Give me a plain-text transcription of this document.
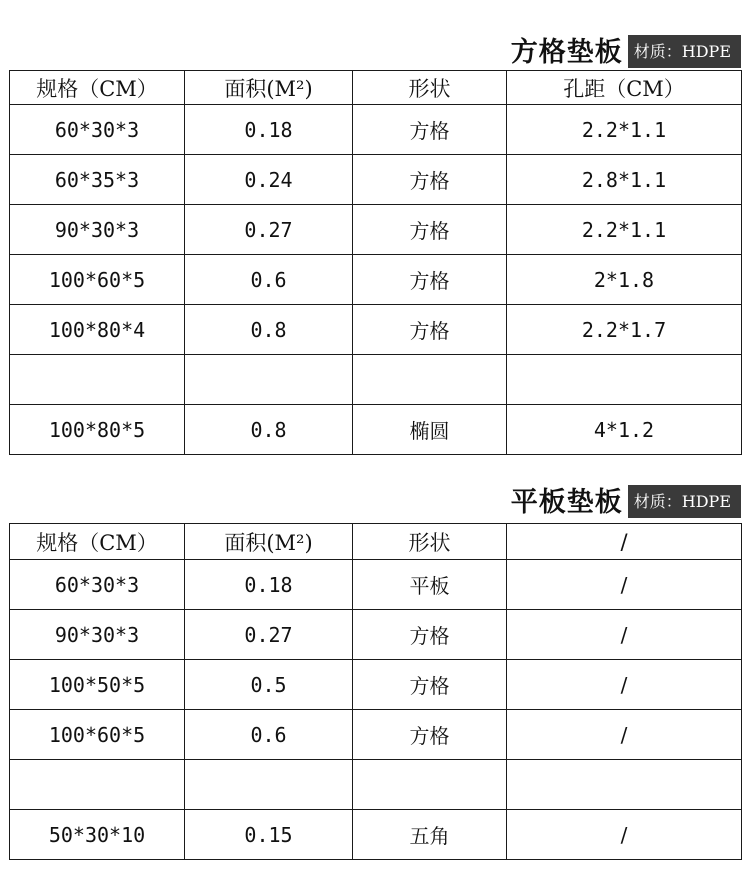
方格垫板 材质：HDPE
规格（CM）	面积(M²)	形状	孔距（CM）
60*30*3	0.18	方格	2.2*1.1
60*35*3	0.24	方格	2.8*1.1
90*30*3	0.27	方格	2.2*1.1
100*60*5	0.6	方格	2*1.8
100*80*4	0.8	方格	2.2*1.7

100*80*5	0.8	椭圆	4*1.2
平板垫板 材质：HDPE
规格（CM）	面积(M²)	形状	/
60*30*3	0.18	平板	/
90*30*3	0.27	方格	/
100*50*5	0.5	方格	/
100*60*5	0.6	方格	/

50*30*10	0.15	五角	/
